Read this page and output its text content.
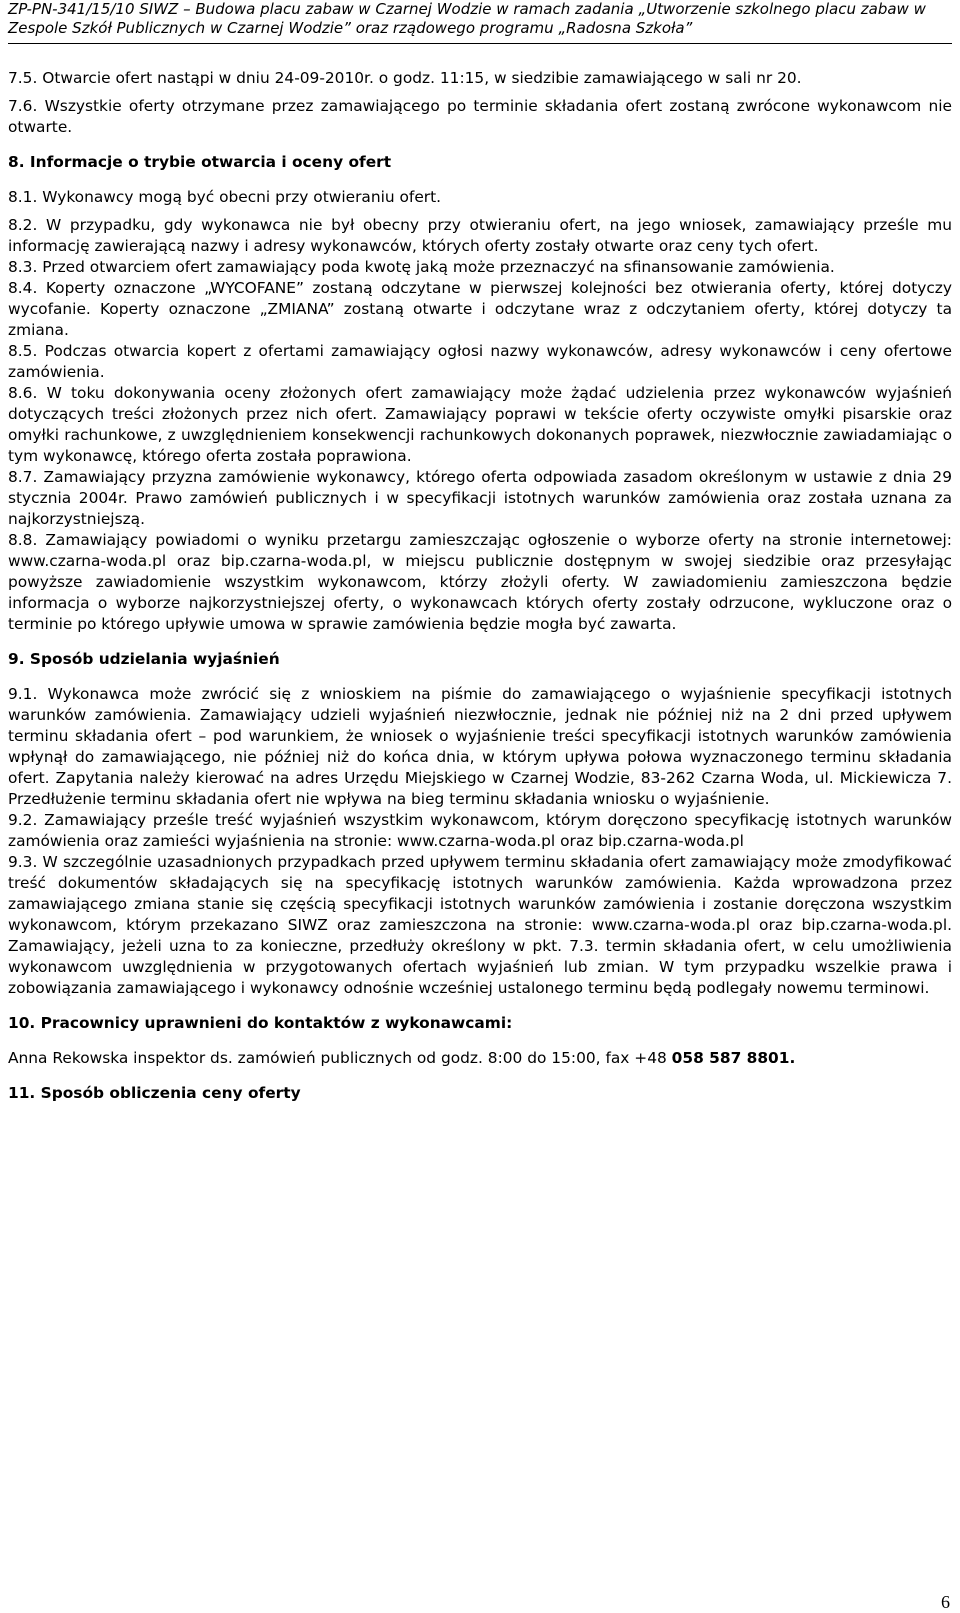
ZP-PN-341/15/10 SIWZ – Budowa placu zabaw w Czarnej Wodzie w ramach zadania „Utworzenie szkolnego placu zabaw w
Zespole Szkół Publicznych w Czarnej Wodzie” oraz rządowego programu „Radosna Szkoła”

7.5. Otwarcie ofert nastąpi w dniu 24-09-2010r. o godz. 11:15, w siedzibie zamawiającego w sali nr 20.

7.6. Wszystkie oferty otrzymane przez zamawiającego po terminie składania ofert zostaną zwrócone wykonawcom nie otwarte.

8. Informacje o trybie otwarcia i oceny ofert

8.1. Wykonawcy mogą być obecni przy otwieraniu ofert.

8.2. W przypadku, gdy wykonawca nie był obecny przy otwieraniu ofert, na jego wniosek, zamawiający prześle mu informację zawierającą nazwy i adresy wykonawców, których oferty zostały otwarte oraz ceny tych ofert.

8.3. Przed otwarciem ofert zamawiający poda kwotę jaką może przeznaczyć na sfinansowanie zamówienia.

8.4. Koperty oznaczone „WYCOFANE” zostaną odczytane w pierwszej kolejności bez otwierania oferty, której dotyczy wycofanie. Koperty oznaczone „ZMIANA” zostaną otwarte i odczytane wraz z odczytaniem oferty, której dotyczy ta zmiana.

8.5. Podczas otwarcia kopert z ofertami zamawiający ogłosi nazwy wykonawców, adresy wykonawców i ceny ofertowe zamówienia.

8.6. W toku dokonywania oceny złożonych ofert zamawiający może żądać udzielenia przez wykonawców wyjaśnień dotyczących treści złożonych przez nich ofert. Zamawiający poprawi w tekście oferty oczywiste omyłki pisarskie oraz omyłki rachunkowe, z uwzględnieniem konsekwencji rachunkowych dokonanych poprawek, niezwłocznie zawiadamiając o tym wykonawcę, którego oferta została poprawiona.

8.7. Zamawiający przyzna zamówienie wykonawcy, którego oferta odpowiada zasadom określonym w ustawie z dnia 29 stycznia 2004r. Prawo zamówień publicznych i w specyfikacji istotnych warunków zamówienia oraz została uznana za najkorzystniejszą.

8.8. Zamawiający powiadomi o wyniku przetargu zamieszczając ogłoszenie o wyborze oferty na stronie internetowej: www.czarna-woda.pl oraz bip.czarna-woda.pl, w miejscu publicznie dostępnym w swojej siedzibie oraz przesyłając powyższe zawiadomienie wszystkim wykonawcom, którzy złożyli oferty. W zawiadomieniu zamieszczona będzie informacja o wyborze najkorzystniejszej oferty, o wykonawcach których oferty zostały odrzucone, wykluczone oraz o terminie po którego upływie umowa w sprawie zamówienia będzie mogła być zawarta.

9. Sposób udzielania wyjaśnień

9.1. Wykonawca może zwrócić się z wnioskiem na piśmie do zamawiającego o wyjaśnienie specyfikacji istotnych warunków zamówienia. Zamawiający udzieli wyjaśnień niezwłocznie, jednak nie później niż na 2 dni przed upływem terminu składania ofert – pod warunkiem, że wniosek o wyjaśnienie treści specyfikacji istotnych warunków zamówienia wpłynął do zamawiającego, nie później niż do końca dnia, w którym upływa połowa wyznaczonego terminu składania ofert. Zapytania należy kierować na adres Urzędu Miejskiego w Czarnej Wodzie, 83-262 Czarna Woda, ul. Mickiewicza 7. Przedłużenie terminu składania ofert nie wpływa na bieg terminu składania wniosku o wyjaśnienie.

9.2. Zamawiający prześle treść wyjaśnień wszystkim wykonawcom, którym doręczono specyfikację istotnych warunków zamówienia oraz zamieści wyjaśnienia na stronie: www.czarna-woda.pl oraz bip.czarna-woda.pl

9.3. W szczególnie uzasadnionych przypadkach przed upływem terminu składania ofert zamawiający może zmodyfikować treść dokumentów składających się na specyfikację istotnych warunków zamówienia. Każda wprowadzona przez zamawiającego zmiana stanie się częścią specyfikacji istotnych warunków zamówienia i zostanie doręczona wszystkim wykonawcom, którym przekazano SIWZ oraz zamieszczona na stronie: www.czarna-woda.pl oraz bip.czarna-woda.pl. Zamawiający, jeżeli uzna to za konieczne, przedłuży określony w pkt. 7.3. termin składania ofert, w celu umożliwienia wykonawcom uwzględnienia w przygotowanych ofertach wyjaśnień lub zmian. W tym przypadku wszelkie prawa i zobowiązania zamawiającego i wykonawcy odnośnie wcześniej ustalonego terminu będą podlegały nowemu terminowi.

10. Pracownicy uprawnieni do kontaktów z wykonawcami:

Anna Rekowska inspektor ds. zamówień publicznych od godz. 8:00 do 15:00, fax +48 058 587 8801.

11. Sposób obliczenia ceny oferty
6
